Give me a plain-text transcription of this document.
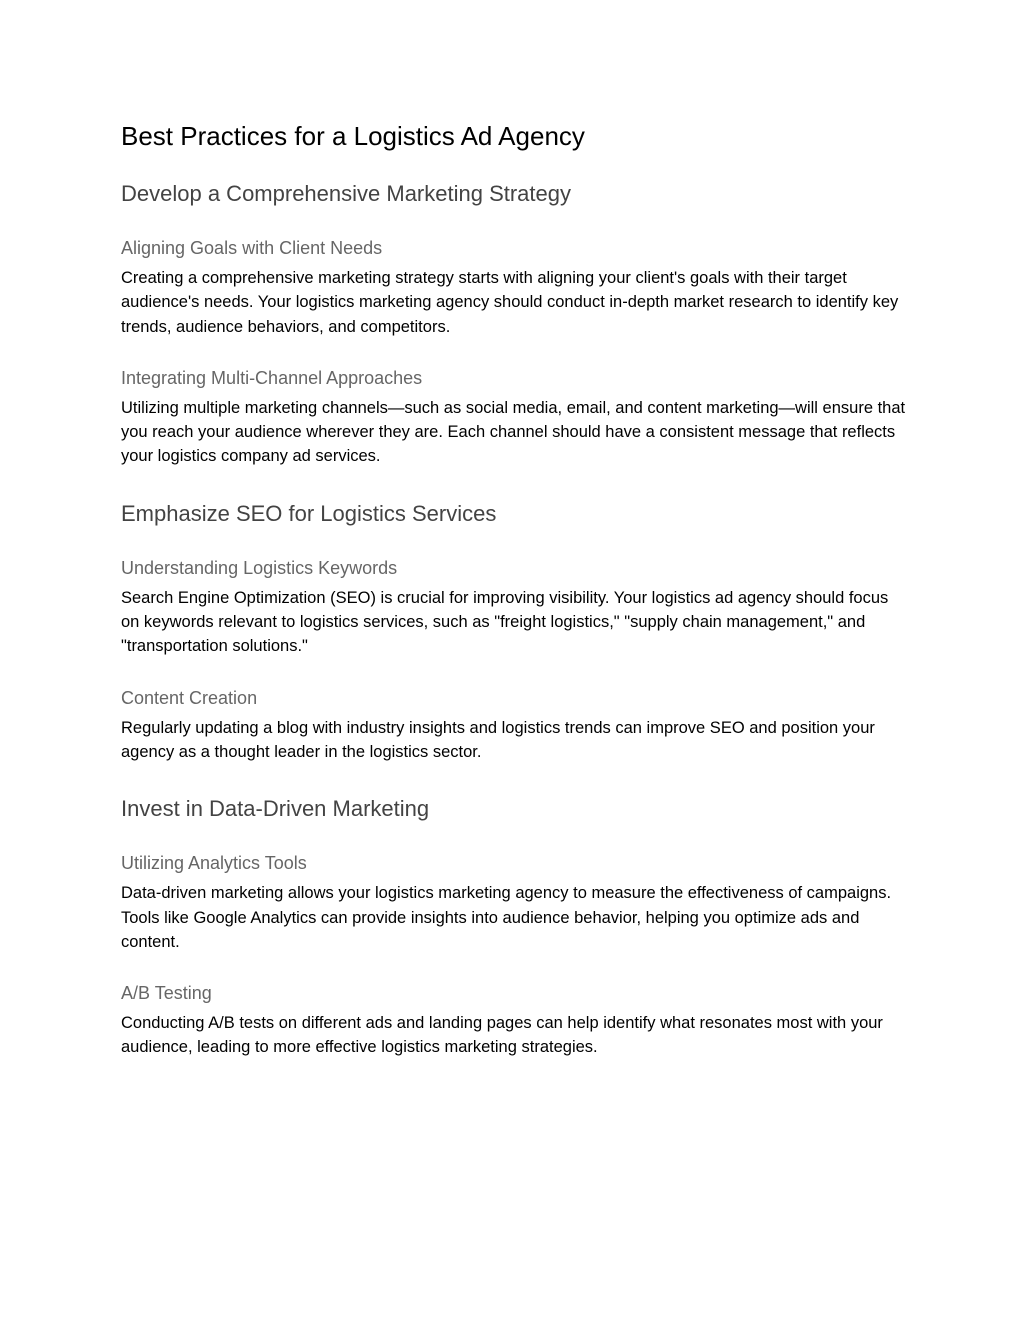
Best Practices for a Logistics Ad Agency
Develop a Comprehensive Marketing Strategy
Aligning Goals with Client Needs

Creating a comprehensive marketing strategy starts with aligning your client's goals with their target audience's needs. Your logistics marketing agency should conduct in-depth market research to identify key trends, audience behaviors, and competitors.

Integrating Multi-Channel Approaches

Utilizing multiple marketing channels—such as social media, email, and content marketing—will ensure that you reach your audience wherever they are. Each channel should have a consistent message that reflects your logistics company ad services.

Emphasize SEO for Logistics Services
Understanding Logistics Keywords

Search Engine Optimization (SEO) is crucial for improving visibility. Your logistics ad agency should focus on keywords relevant to logistics services, such as "freight logistics," "supply chain management," and "transportation solutions."

Content Creation

Regularly updating a blog with industry insights and logistics trends can improve SEO and position your agency as a thought leader in the logistics sector.

Invest in Data-Driven Marketing
Utilizing Analytics Tools

Data-driven marketing allows your logistics marketing agency to measure the effectiveness of campaigns. Tools like Google Analytics can provide insights into audience behavior, helping you optimize ads and content.

A/B Testing

Conducting A/B tests on different ads and landing pages can help identify what resonates most with your audience, leading to more effective logistics marketing strategies.
